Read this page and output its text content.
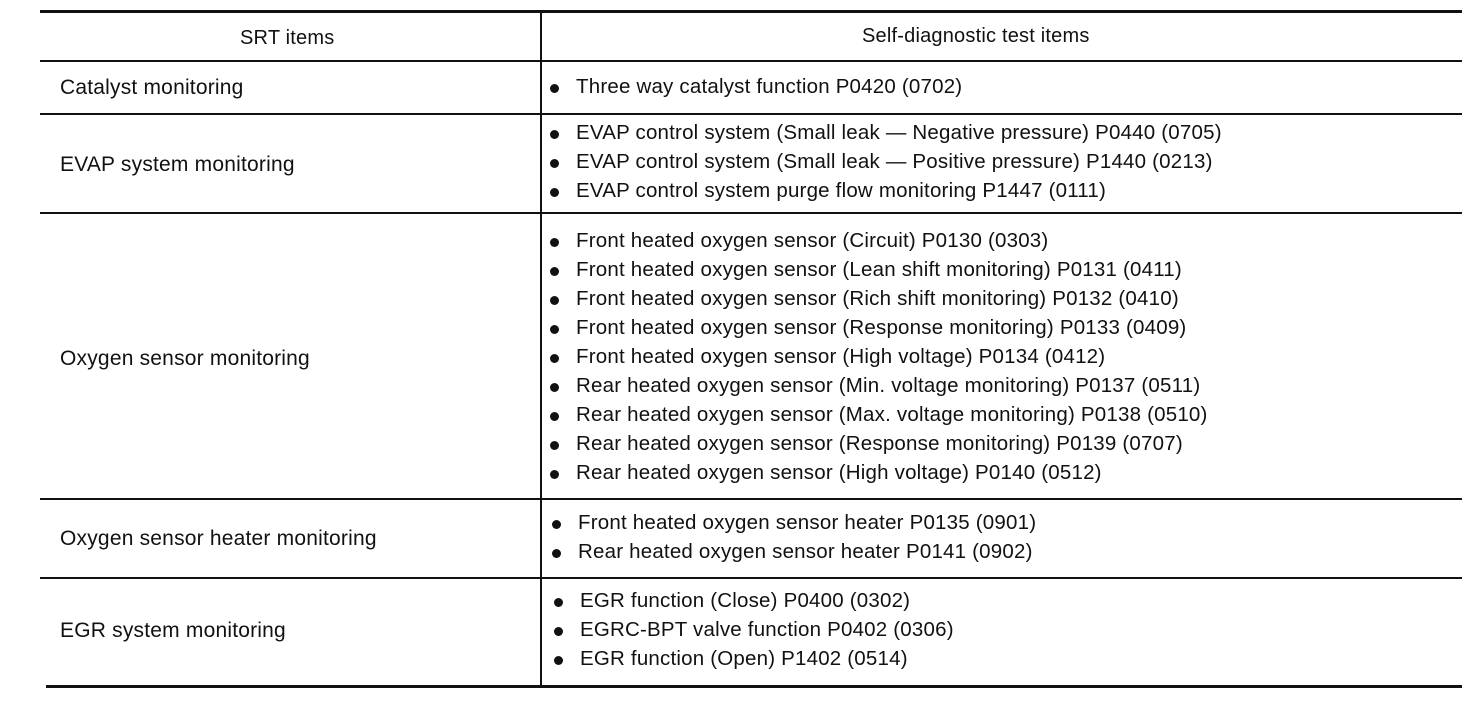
SRT items	Self-diagnostic test items
Catalyst monitoring	Three way catalyst function P0420 (0702)
EVAP system monitoring
EVAP control system (Small leak — Negative pressure) P0440 (0705)
EVAP control system (Small leak — Positive pressure) P1440 (0213)
EVAP control system purge flow monitoring P1447 (0111)
Oxygen sensor monitoring
Front heated oxygen sensor (Circuit) P0130 (0303)
Front heated oxygen sensor (Lean shift monitoring) P0131 (0411)
Front heated oxygen sensor (Rich shift monitoring) P0132 (0410)
Front heated oxygen sensor (Response monitoring) P0133 (0409)
Front heated oxygen sensor (High voltage) P0134 (0412)
Rear heated oxygen sensor (Min. voltage monitoring) P0137 (0511)
Rear heated oxygen sensor (Max. voltage monitoring) P0138 (0510)
Rear heated oxygen sensor (Response monitoring) P0139 (0707)
Rear heated oxygen sensor (High voltage) P0140 (0512)
Oxygen sensor heater monitoring
Front heated oxygen sensor heater P0135 (0901)
Rear heated oxygen sensor heater P0141 (0902)
EGR system monitoring
EGR function (Close) P0400 (0302)
EGRC-BPT valve function P0402 (0306)
EGR function (Open) P1402 (0514)
